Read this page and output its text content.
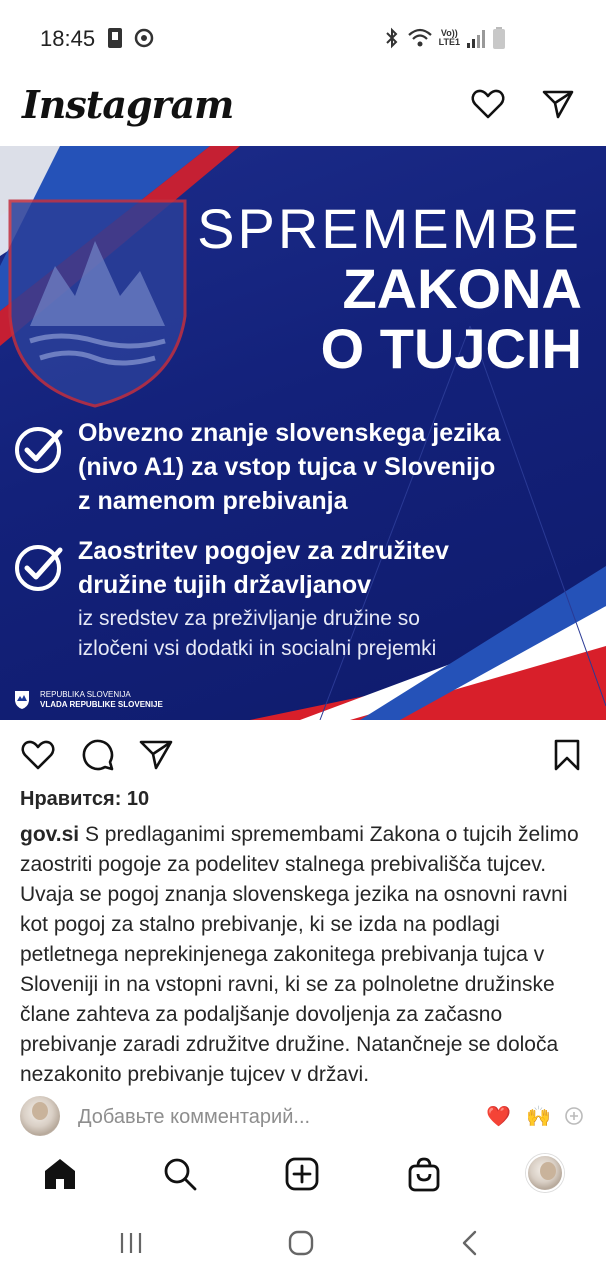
18:45	Vo))
LTE1
Instagram
SPREMEMBE
ZAKONA
O TUJCIH
Obvezno znanje slovenskega jezika
(nivo A1) za vstop tujca v Slovenijo
z namenom prebivanja
Zaostritev pogojev za združitev
družine tujih državljanov
iz sredstev za preživljanje družine so
izločeni vsi dodatki in socialni prejemki
REPUBLIKA SLOVENIJA
VLADA REPUBLIKE SLOVENIJE
Нравится: 10
gov.si S predlaganimi spremembami Zakona o tujcih želimo zaostriti pogoje za podelitev stalnega prebivališča tujcev. Uvaja se pogoj znanja slovenskega jezika na osnovni ravni kot pogoj za stalno prebivanje, ki se izda na podlagi petletnega neprekinjenega zakonitega prebivanja tujca v Sloveniji in na vstopni ravni, ki se za polnoletne družinske člane zahteva za podaljšanje dovoljenja za začasno prebivanje zaradi združitve družine. Natančneje se določa nezakonito prebivanje tujcev v državi.
Добавьте комментарий...	❤️ 🙌
